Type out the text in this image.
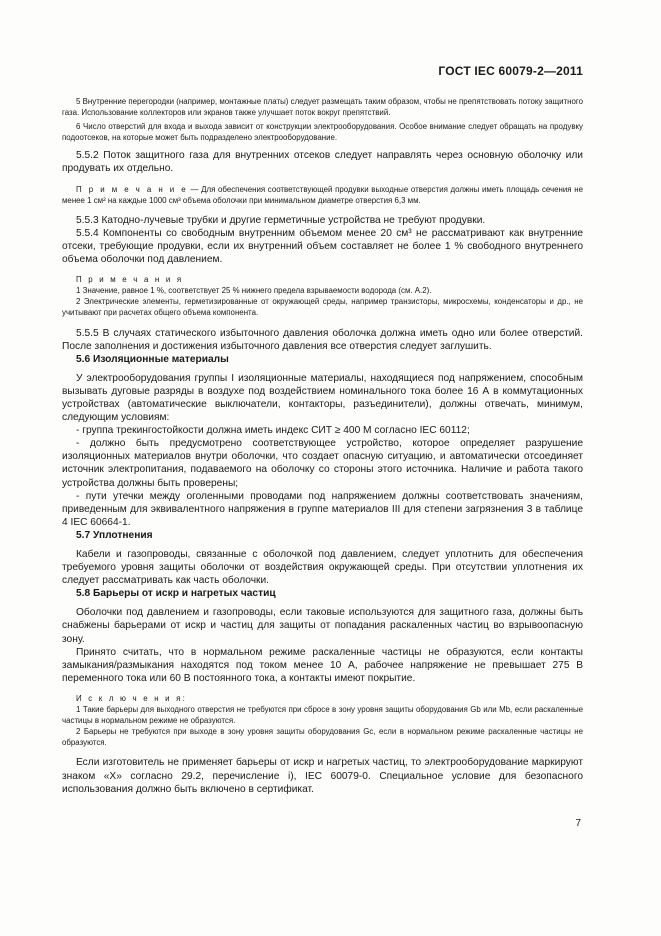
ГОСТ IEC 60079-2—2011

5 Внутренние перегородки (например, монтажные платы) следует размещать таким образом, чтобы не препятствовать потоку защитного газа. Использование коллекторов или экранов также улучшает поток вокруг препятствий.

6 Число отверстий для входа и выхода зависит от конструкции электрооборудования. Особое внимание следует обращать на продувку подоотсеков, на которые может быть подразделено электрооборудование.

5.5.2 Поток защитного газа для внутренних отсеков следует направлять через основную оболочку или продувать их отдельно.

П р и м е ч а н и е — Для обеспечения соответствующей продувки выходные отверстия должны иметь площадь сечения не менее 1 см² на каждые 1000 см³ объема оболочки при минимальном диаметре отверстия 6,3 мм.

5.5.3 Катодно-лучевые трубки и другие герметичные устройства не требуют продувки.

5.5.4 Компоненты со свободным внутренним объемом менее 20 см³ не рассматривают как внутренние отсеки, требующие продувки, если их внутренний объем составляет не более 1 % свободного внутреннего объема оболочки под давлением.

П р и м е ч а н и я

1 Значение, равное 1 %, соответствует 25 % нижнего предела взрываемости водорода (см. А.2).

2 Электрические элементы, герметизированные от окружающей среды, например транзисторы, микросхемы, конденсаторы и др., не учитывают при расчетах общего объема компонента.

5.5.5 В случаях статического избыточного давления оболочка должна иметь одно или более отверстий. После заполнения и достижения избыточного давления все отверстия следует заглушить.

5.6 Изоляционные материалы

У электрооборудования группы I изоляционные материалы, находящиеся под напряжением, способным вызывать дуговые разряды в воздухе под воздействием номинального тока более 16 А в коммутационных устройствах (автоматические выключатели, контакторы, разъединители), должны отвечать, минимум, следующим условиям:

- группа трекингостойкости должна иметь индекс СИТ ≥ 400 М согласно IEC 60112;

- должно быть предусмотрено соответствующее устройство, которое определяет разрушение изоляционных материалов внутри оболочки, что создает опасную ситуацию, и автоматически отсоединяет источник электропитания, подаваемого на оболочку со стороны этого источника. Наличие и работа такого устройства должны быть проверены;

- пути утечки между оголенными проводами под напряжением должны соответствовать значениям, приведенным для эквивалентного напряжения в группе материалов III для степени загрязнения 3 в таблице 4 IEC 60664-1.

5.7 Уплотнения

Кабели и газопроводы, связанные с оболочкой под давлением, следует уплотнить для обеспечения требуемого уровня защиты оболочки от воздействия окружающей среды. При отсутствии уплотнения их следует рассматривать как часть оболочки.

5.8 Барьеры от искр и нагретых частиц

Оболочки под давлением и газопроводы, если таковые используются для защитного газа, должны быть снабжены барьерами от искр и частиц для защиты от попадания раскаленных частиц во взрывоопасную зону.

Принято считать, что в нормальном режиме раскаленные частицы не образуются, если контакты замыкания/размыкания находятся под током менее 10 А, рабочее напряжение не превышает 275 В переменного тока или 60 В постоянного тока, а контакты имеют покрытие.

И с к л ю ч е н и я:

1 Такие барьеры для выходного отверстия не требуются при сбросе в зону уровня защиты оборудования Gb или Mb, если раскаленные частицы в нормальном режиме не образуются.

2 Барьеры не требуются при выходе в зону уровня защиты оборудования Gc, если в нормальном режиме раскаленные частицы не образуются.

Если изготовитель не применяет барьеры от искр и нагретых частиц, то электрооборудование маркируют знаком «Х» согласно 29.2, перечисление i), IEC 60079-0. Специальное условие для безопасного использования должно быть включено в сертификат.

7
